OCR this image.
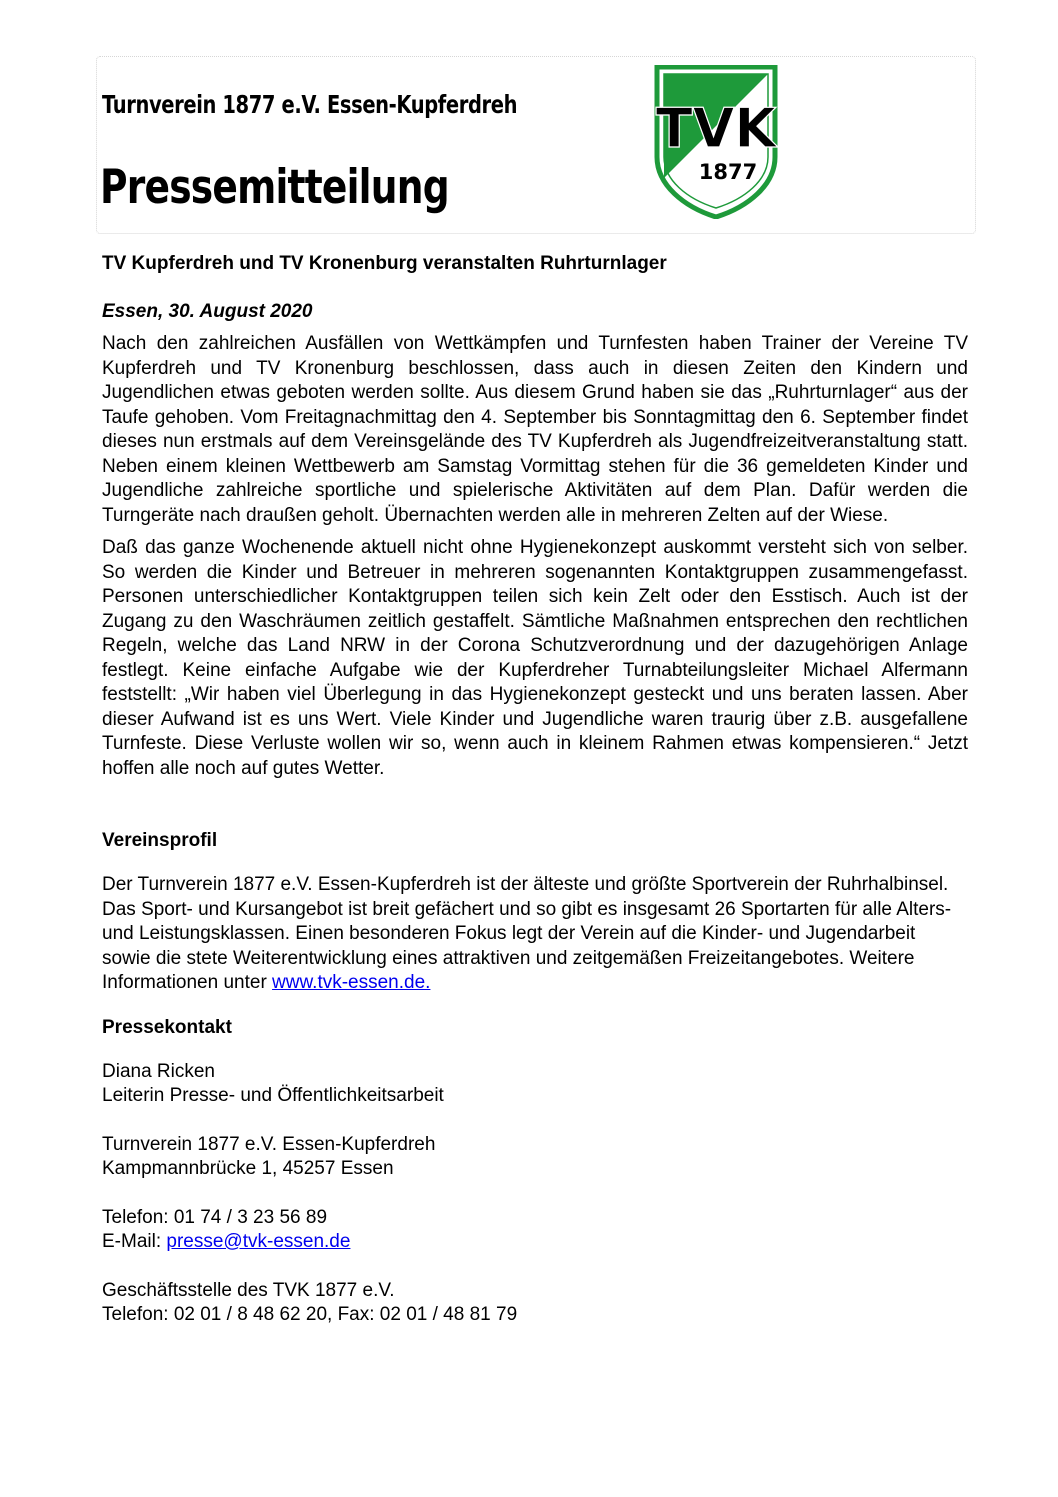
Turnverein 1877 e.V. Essen-Kupferdreh
Pressemitteilung
TVK
1877

TV Kupferdreh und TV Kronenburg veranstalten Ruhrturnlager

Essen, 30. August 2020

Nach den zahlreichen Ausfällen von Wettkämpfen und Turnfesten haben Trainer der Vereine TV Kupferdreh und TV Kronenburg beschlossen, dass auch in diesen Zeiten den Kindern und Jugendlichen etwas geboten werden sollte. Aus diesem Grund haben sie das „Ruhrturnlager“ aus der Taufe gehoben. Vom Freitagnachmittag den 4. September bis Sonntagmittag den 6. September findet dieses nun erstmals auf dem Vereinsgelände des TV Kupferdreh als Jugendfreizeitveranstaltung statt. Neben einem kleinen Wettbewerb am Samstag Vormittag stehen für die 36 gemeldeten Kinder und Jugendliche zahlreiche sportliche und spielerische Aktivitäten auf dem Plan. Dafür werden die Turngeräte nach draußen geholt. Übernachten werden alle in mehreren Zelten auf der Wiese.

Daß das ganze Wochenende aktuell nicht ohne Hygienekonzept auskommt versteht sich von selber. So werden die Kinder und Betreuer in mehreren sogenannten Kontaktgruppen zusammengefasst. Personen unterschiedlicher Kontaktgruppen teilen sich kein Zelt oder den Esstisch. Auch ist der Zugang zu den Waschräumen zeitlich gestaffelt. Sämtliche Maßnahmen entsprechen den rechtlichen Regeln, welche das Land NRW in der Corona Schutzverordnung und der dazugehörigen Anlage festlegt. Keine einfache Aufgabe wie der Kupferdreher Turnabteilungsleiter Michael Alfermann feststellt: „Wir haben viel Überlegung in das Hygienekonzept gesteckt und uns beraten lassen. Aber dieser Aufwand ist es uns Wert. Viele Kinder und Jugendliche waren traurig über z.B. ausgefallene Turnfeste. Diese Verluste wollen wir so, wenn auch in kleinem Rahmen etwas kompensieren.“ Jetzt hoffen alle noch auf gutes Wetter.

Vereinsprofil

Der Turnverein 1877 e.V. Essen-Kupferdreh ist der älteste und größte Sportverein der Ruhrhalbinsel. Das Sport- und Kursangebot ist breit gefächert und so gibt es insgesamt 26 Sportarten für alle Alters- und Leistungsklassen. Einen besonderen Fokus legt der Verein auf die Kinder- und Jugendarbeit sowie die stete Weiterentwicklung eines attraktiven und zeitgemäßen Freizeitangebotes. Weitere Informationen unter www.tvk-essen.de.

Pressekontakt

Diana Ricken
Leiterin Presse- und Öffentlichkeitsarbeit
Turnverein 1877 e.V. Essen-Kupferdreh
Kampmannbrücke 1, 45257 Essen
Telefon: 01 74 / 3 23 56 89
E-Mail: presse@tvk-essen.de
Geschäftsstelle des TVK 1877 e.V.
Telefon: 02 01 / 8 48 62 20, Fax: 02 01 / 48 81 79
